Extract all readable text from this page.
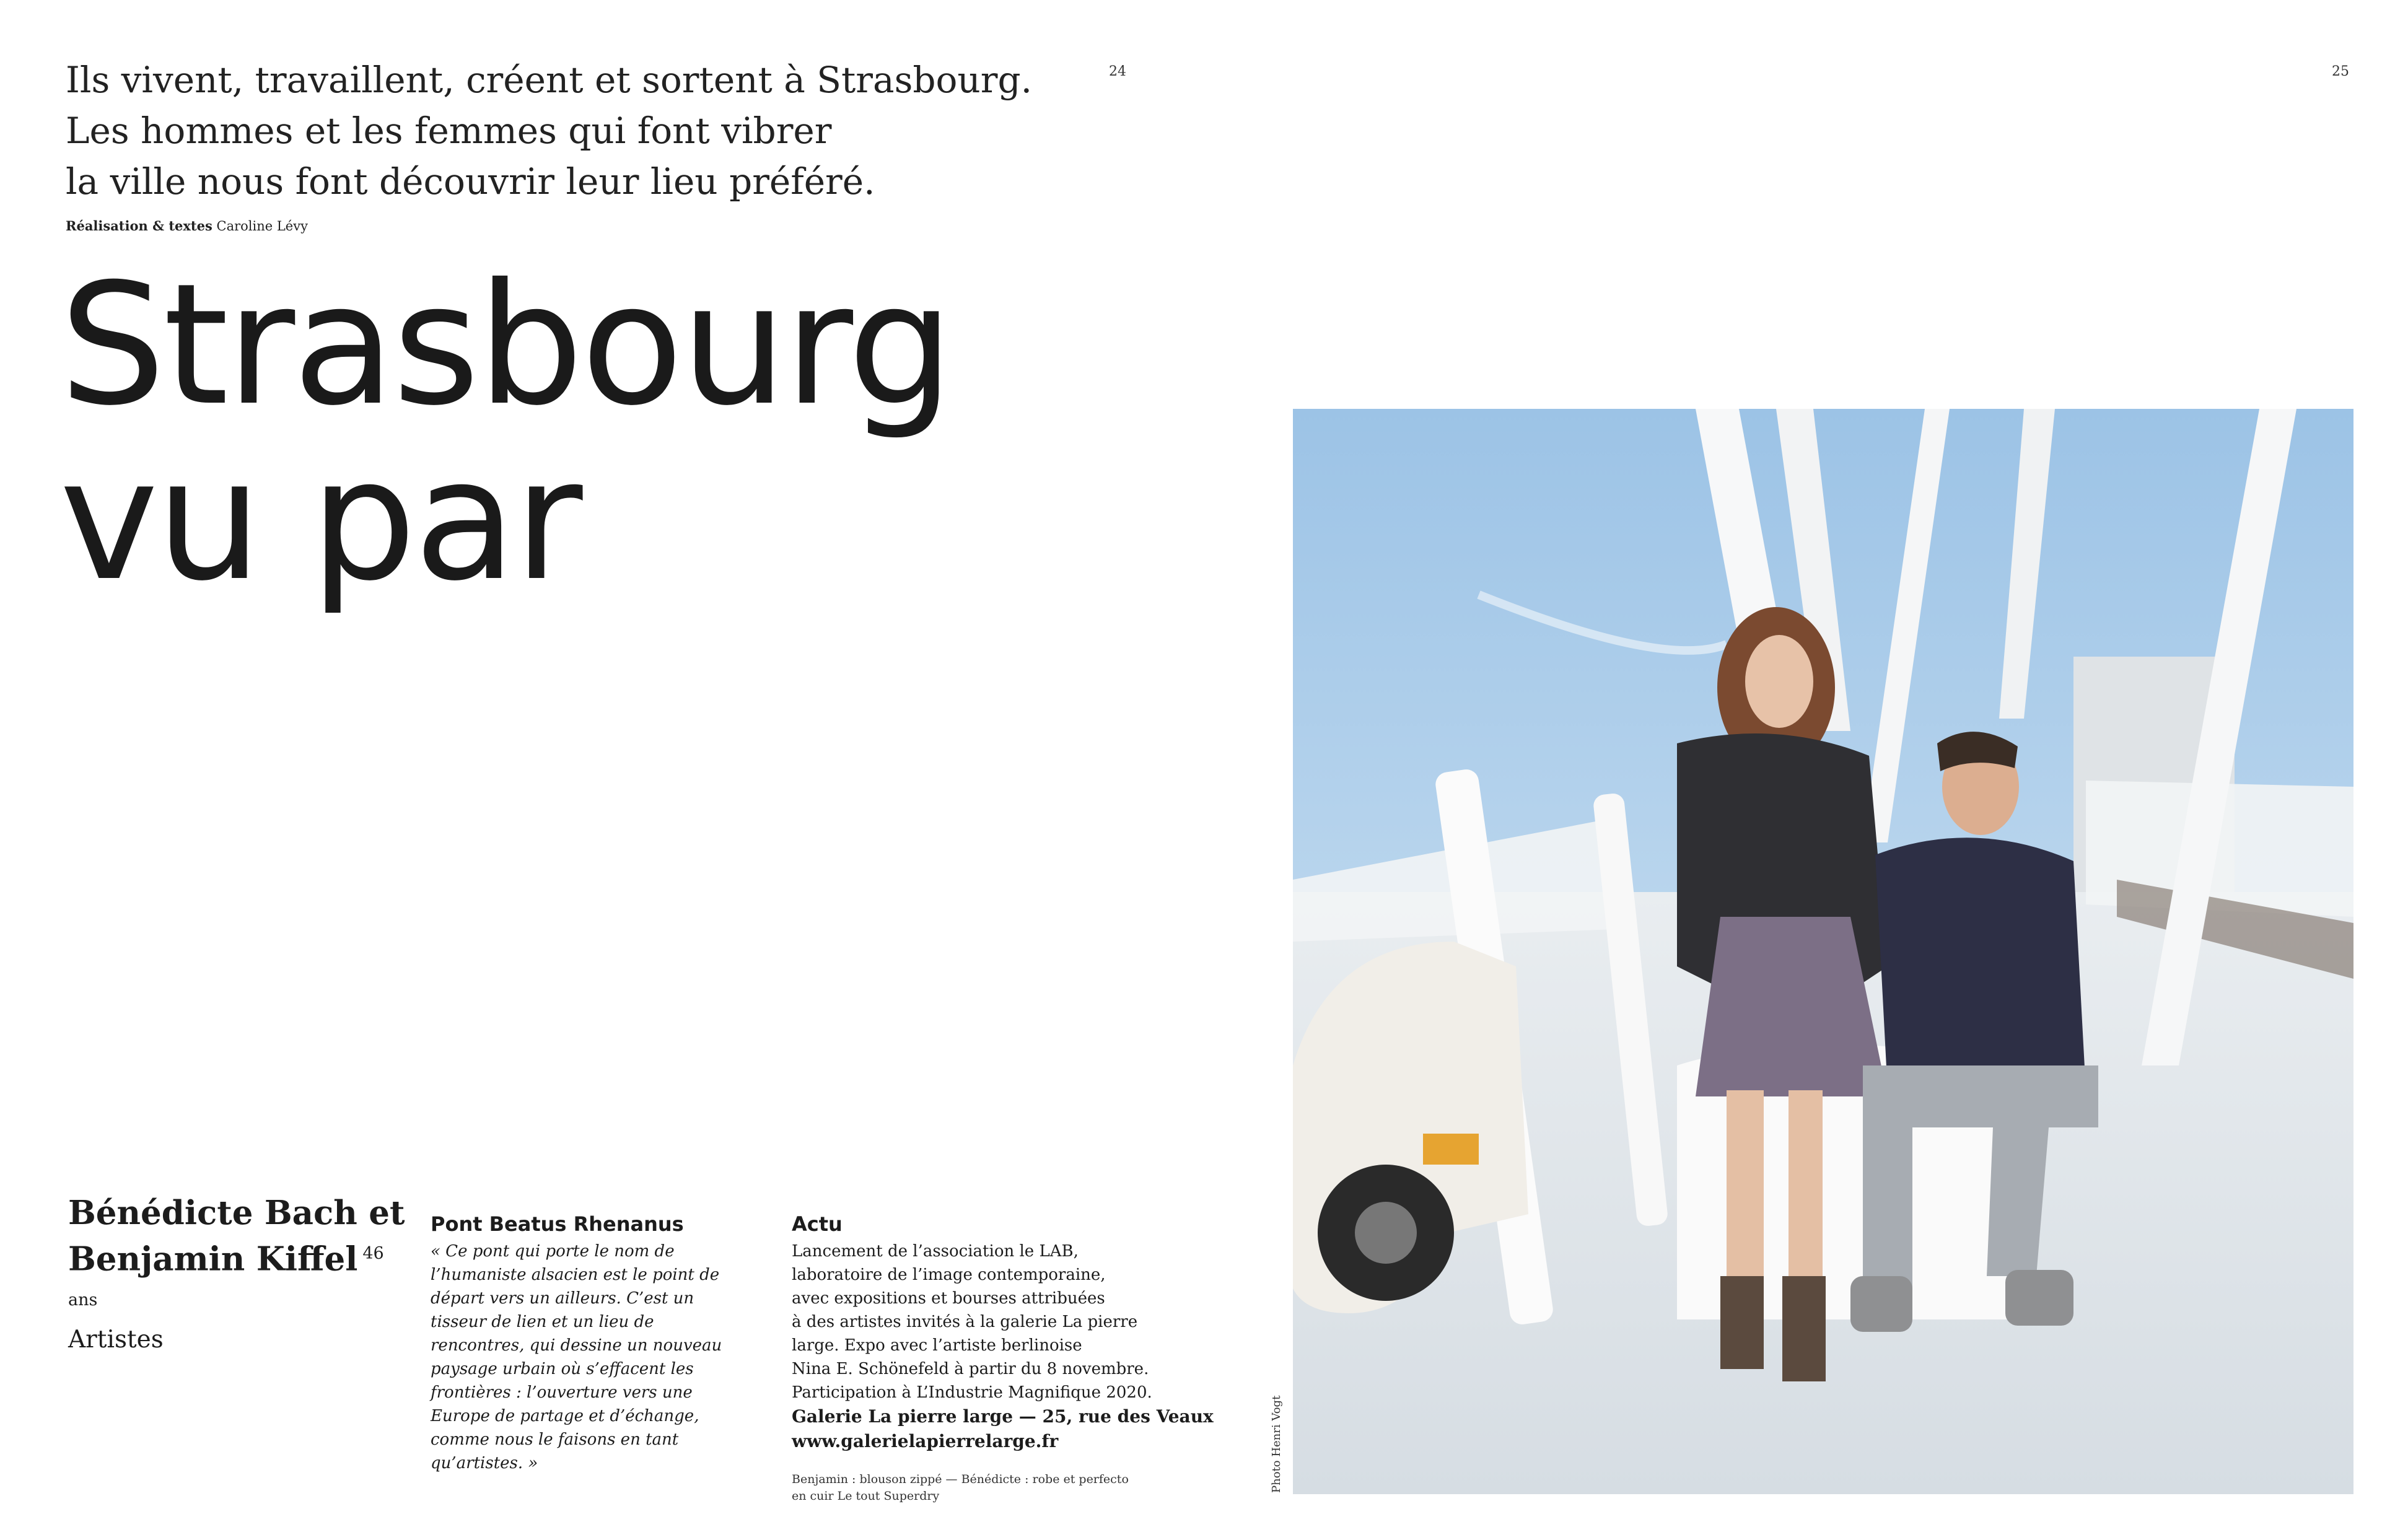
24	25
Ils vivent, travaillent, créent et sortent à Strasbourg.
Les hommes et les femmes qui font vibrer
la ville nous font découvrir leur lieu préféré.
Réalisation & textes Caroline Lévy
Strasbourg
vu par
Bénédicte Bach et
Benjamin Kiffel $^{46 ans}$
Artistes
Pont Beatus Rhenanus
« Ce pont qui porte le nom de l’humaniste alsacien est le point de départ vers un ailleurs. C’est un tisseur de lien et un lieu de rencontres, qui dessine un nouveau paysage urbain où s’effacent les frontières : l’ouverture vers une Europe de partage et d’échange, comme nous le faisons en tant qu’artistes. »
Actu
Lancement de l’association le LAB,
laboratoire de l’image contemporaine,
avec expositions et bourses attribuées
à des artistes invités à la galerie La pierre
large. Expo avec l’artiste berlinoise
Nina E. Schönefeld à partir du 8 novembre.
Participation à L’Industrie Magnifique 2020.
Galerie La pierre large — 25, rue des Veaux
www.galerielapierrelarge.fr
Benjamin : blouson zippé — Bénédicte : robe et perfecto en cuir Le tout Superdry
Photo Henri Vogt
